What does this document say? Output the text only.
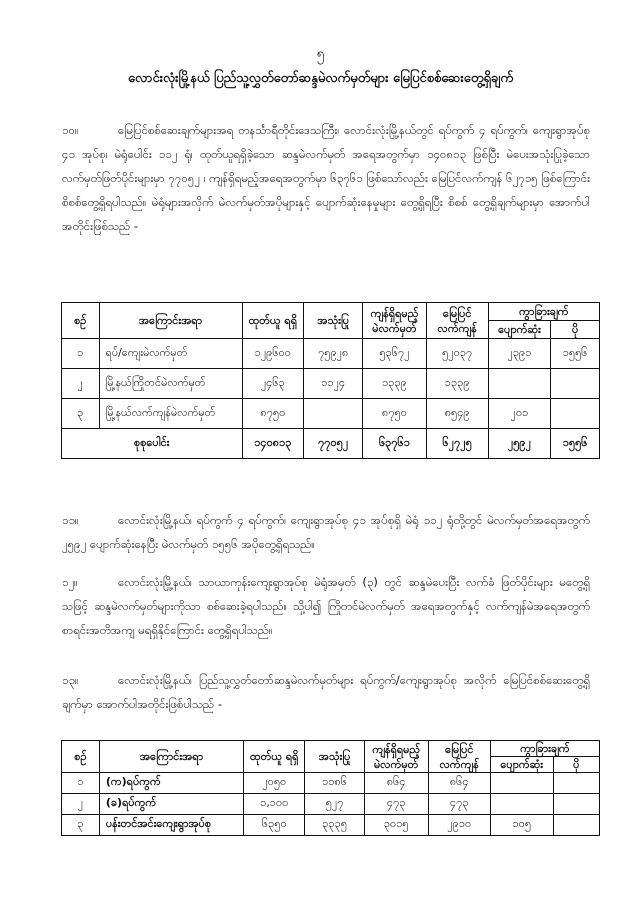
၅
လောင်းလုံးမြို့နယ် ပြည်သူ့လွှတ်တော်ဆန္ဒမဲလက်မှတ်များ မြေပြင်စစ်ဆေးတွေ့ရှိချက်
၁၀။	မြေပြင်စစ်ဆေးချက်များအရ တနင်္သာရီတိုင်းဒေသကြီး၊ လောင်းလုံးမြို့နယ်တွင် ရပ်ကွက် ၄ ရပ်ကွက်၊ ကျေးရွာအုပ်စု ၄၁ အုပ်စု၊ မဲရုံပေါင်း ၁၁၂ ရုံ၊ ထုတ်ယူရရှိခဲ့သော ဆန္ဒမဲလက်မှတ် အရေအတွက်မှာ ၁၄၀၈၁၃ ဖြစ်ပြီး မဲပေးအသုံးပြုခဲ့သော လက်မှတ်ဖြတ်ပိုင်းများမှာ ၇၇၀၅၂ ၊ ကျန်ရှိရမည့်အရေအတွက်မှာ ၆၃၇၆၁ ဖြစ်သော်လည်း မြေပြင်လက်ကျန် ၆၂၇၁၅ ဖြစ်ကြောင်း စိစစ်တွေ့ရှိရပါသည်။ မဲရုံများအလိုက် မဲလက်မှတ်အပိုများနှင့် ပျောက်ဆုံးနေမှုများ တွေ့ရှိရပြီး စိစစ် တွေ့ရှိချက်များမှာ အောက်ပါအတိုင်းဖြစ်သည် -
စဉ်	အကြောင်းအရာ	ထုတ်ယူ ရရှိ	အသုံးပြု	ကျန်ရှိရမည့် မဲလက်မှတ်	မြေပြင် လက်ကျန်	ကွာခြားချက်	
						ပျောက်ဆုံး	ပို
၁	ရပ်/ကျေးမဲလက်မှတ်	၁၂၉၆၀၀	၇၅၉၂၈	၅၃၆၇၂	၅၂၀၃၇	၂၃၉၁	၁၅၅၆
၂	မြို့နယ်ကြိုတင်မဲလက်မှတ်	၂၄၆၃	၁၁၂၄	၁၃၃၉	၁၃၃၉		
၃	မြို့နယ်လက်ကျန်မဲလက်မှတ်	၈၇၅၀		၈၇၅၀	၈၅၄၉	၂၀၁	
စုစုပေါင်း		၁၄၀၈၁၃	၇၇၀၅၂	၆၃၇၆၁	၆၂၇၂၅	၂၅၉၂	၁၅၅၆
၁၁။	လောင်းလုံးမြို့နယ်၊ ရပ်ကွက် ၄ ရပ်ကွက်၊ ကျေးရွာအုပ်စု ၄၁ အုပ်စုရှိ မဲရုံ ၁၁၂ ရုံတို့တွင် မဲလက်မှတ်အရေအတွက် ၂၅၉၂ ပျောက်ဆုံးနေပြီး မဲလက်မှတ် ၁၅၅၆ အပိုတွေ့ရှိရသည်။
၁၂။	လောင်းလုံးမြို့နယ်၊ သာယာကုန်းကျေးရွာအုပ်စု မဲရုံအမှတ် (၃) တွင် ဆန္ဒမဲပေးပြီး လက်ခံ ဖြတ်ပိုင်းများ မတွေ့ရှိသဖြင့် ဆန္ဒမဲလက်မှတ်များကိုသာ စစ်ဆေးခဲ့ရပါသည်။ သို့ပါ၍ ကြိုတင်မဲလက်မှတ် အရေအတွက်နှင့် လက်ကျန်မဲအရေအတွက် စာရင်းအတိအကျ မရရှိနိုင်ကြောင်း တွေ့ရှိရပါသည်။
၁၃။	လောင်းလုံးမြို့နယ်၊ ပြည်သူ့လွှတ်တော်ဆန္ဒမဲလက်မှတ်များ ရပ်ကွက်/ကျေးရွာအုပ်စု အလိုက် မြေပြင်စစ်ဆေးတွေ့ရှိချက်မှာ အောက်ပါအတိုင်းဖြစ်ပါသည် -
စဉ်	အကြောင်းအရာ	ထုတ်ယူ ရရှိ	အသုံးပြု	ကျန်ရှိရမည့် မဲလက်မှတ်	မြေပြင် လက်ကျန်	ကွာခြားချက်	
						ပျောက်ဆုံး	ပို
၁	(က)ရပ်ကွက်	၂၀၅၀	၁၁၈၆	၈၆၄	၈၆၄		
၂	(ခ)ရပ်ကွက်	၁,၁၀၀	၅၂၇	၄၇၃	၄၇၃		
၃	ပန်းတင်အင်းကျေးရွာအုပ်စု	၆၃၅၀	၃၃၃၅	၃၀၁၅	၂၉၁၀	၁၀၅	
